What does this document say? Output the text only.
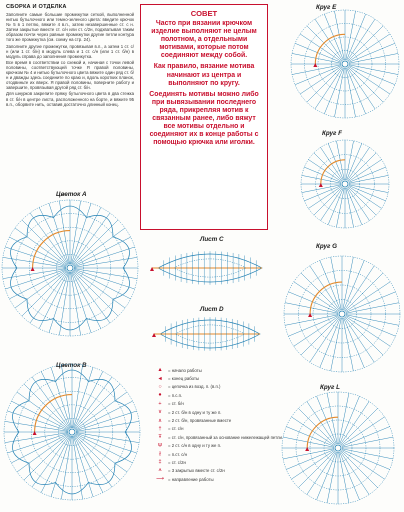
СБОРКА И ОТДЕЛКА

Заполните самые большие промежутки сеткой, выполненной нитью бутылочного или темно-зеленого цвета: введите крючок № 5 в 1 петлю, вяжите 4 в.п., затем незавершенные ст. с н. Затем закрытые вместе ст. с/н или ст. с/2н, подхватывая таким образом почти через равные промежутки другие петли контура того же промежутка (см. схему на стр. 24).

Заполните другие промежутки, провязывая в.п., а затем 1 ст. с/н (или 1 ст. б/н) в модуль слева и 1 ст. с/н (или 1 ст. б/н) в модуль справа до заполнения промежутка.

Все время в соответствии со схемой и, начиная с точки левой половины, соответствующей точке Я правой половины, крючком № 4 и нитью бутылочного цвета вяжите один ряд ст. б/н и дважды здесь соедините по краю и, вдоль коротких планок, отодвиньте их вверх. Я правой половины, поверните работу и завершите, провязывая другой ряд ст. б/н.

Для шнурков закрепите пряжу бутылочного цвета в два стежка в ст. б/н в центре листа, расположенного на борте, и вяжите 95 в.п., оборвите нить, оставив достаточно длинный конец.

СОВЕТ

Часто при вязании крючком изделие выполняют не целым полотном, а отдельными мотивами, которые потом соединяют между собой.

Как правило, вязание мотива начинают из центра и выполняют по кругу.

Соединять мотивы можно либо при вывязывании последнего ряда, прикрепляя мотив к связанным ранее, либо вяжут все мотивы отдельно и соединяют их в конце работы с помощью крючка или иголки.

Цветок А
Цветок В
Лист С
Лист D
Круг Е
Круг F
Круг G
Круг L
▲	= начало работы
◄	= конец работы
○	= цепочка из возд. п. (в.п.)
●	= п.с.п.
+	= ст. б/н
∨	= 2 ст. б/н в одну и ту же п.
∧	= 2 ст. б/н, провязанные вместе
†	= ст. с/н
Ŧ	= ст. с/н, провязанный за основание нижележащей петли
Ψ	= 2 ст. с/н в одну и ту же п.
∤	= п.ст. с/н
‡	= ст. с/2н
⩚	= 3 закрытых вместе ст. с/2н
⟶ = направление работы
